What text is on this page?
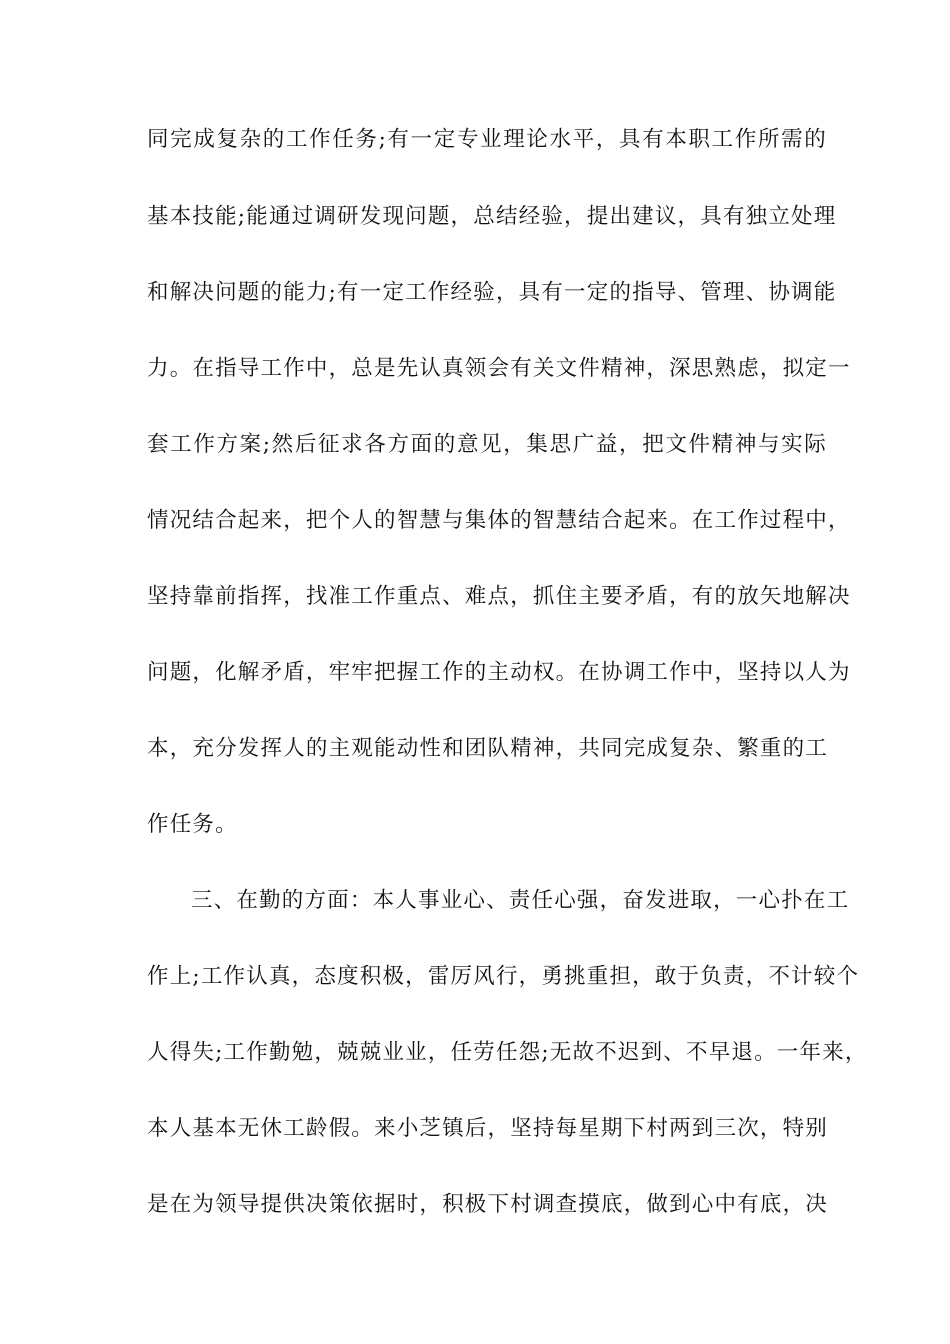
同完成复杂的工作任务;有一定专业理论水平，具有本职工作所需的
基本技能;能通过调研发现问题，总结经验，提出建议，具有独立处理
和解决问题的能力;有一定工作经验，具有一定的指导、管理、协调能
力。在指导工作中，总是先认真领会有关文件精神，深思熟虑，拟定一
套工作方案;然后征求各方面的意见，集思广益，把文件精神与实际
情况结合起来，把个人的智慧与集体的智慧结合起来。在工作过程中，
坚持靠前指挥，找准工作重点、难点，抓住主要矛盾，有的放矢地解决
问题，化解矛盾，牢牢把握工作的主动权。在协调工作中，坚持以人为
本，充分发挥人的主观能动性和团队精神，共同完成复杂、繁重的工
作任务。
三、在勤的方面：本人事业心、责任心强，奋发进取，一心扑在工
作上;工作认真，态度积极，雷厉风行，勇挑重担，敢于负责，不计较个
人得失;工作勤勉，兢兢业业，任劳任怨;无故不迟到、不早退。一年来，
本人基本无休工龄假。来小芝镇后，坚持每星期下村两到三次，特别
是在为领导提供决策依据时，积极下村调查摸底，做到心中有底，决
